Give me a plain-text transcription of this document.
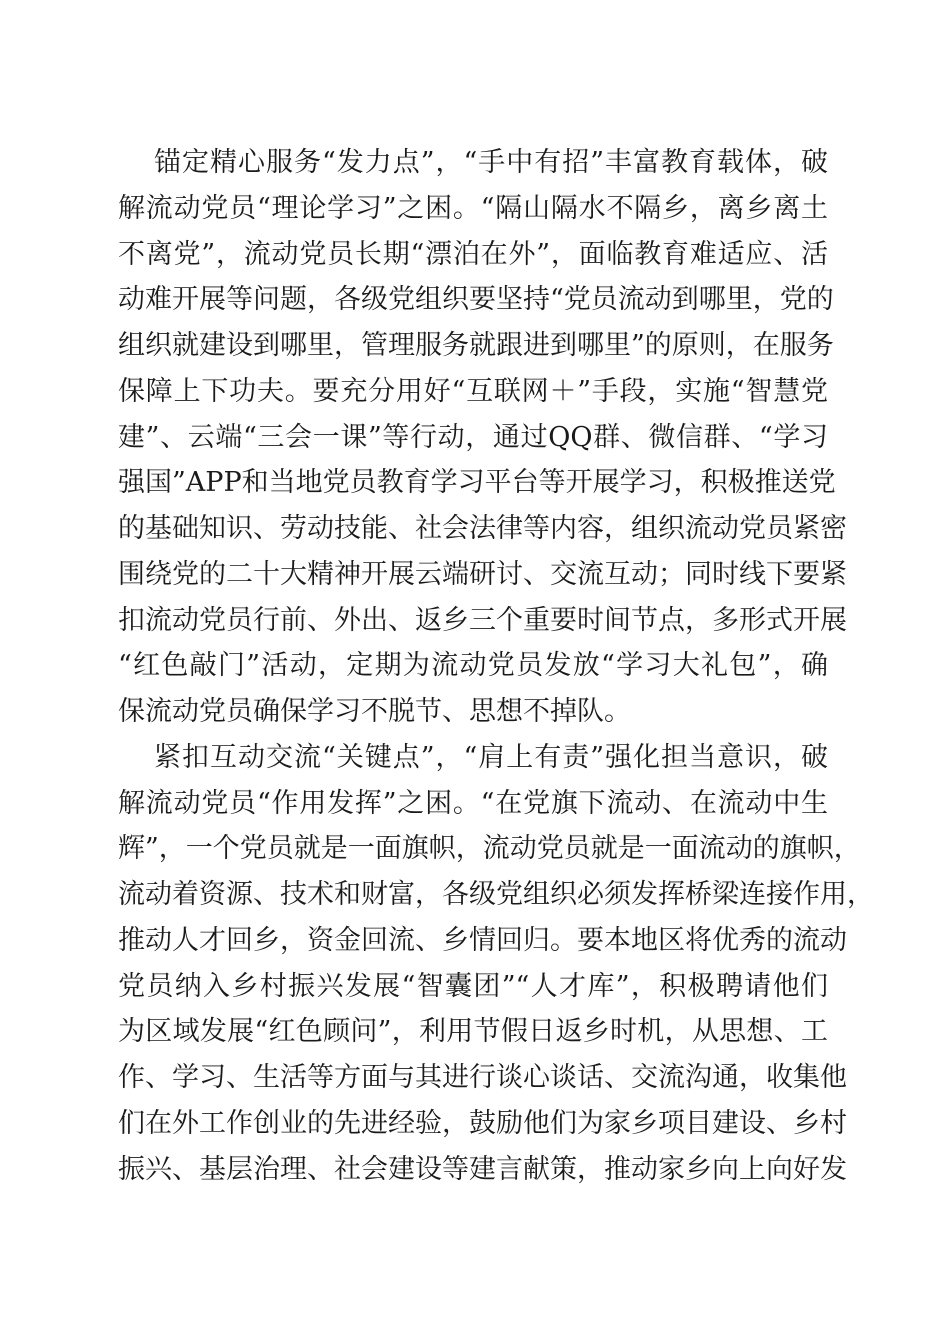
锚定精心服务“发力点”，“手中有招”丰富教育载体，破
解流动党员“理论学习”之困。“隔山隔水不隔乡，离乡离土
不离党”，流动党员长期“漂泊在外”，面临教育难适应、活
动难开展等问题，各级党组织要坚持“党员流动到哪里，党的
组织就建设到哪里，管理服务就跟进到哪里”的原则，在服务
保障上下功夫。要充分用好“互联网＋”手段，实施“智慧党
建”、云端“三会一课”等行动，通过QQ群、微信群、“学习
强国”APP和当地党员教育学习平台等开展学习，积极推送党
的基础知识、劳动技能、社会法律等内容，组织流动党员紧密
围绕党的二十大精神开展云端研讨、交流互动；同时线下要紧
扣流动党员行前、外出、返乡三个重要时间节点，多形式开展
“红色敲门”活动，定期为流动党员发放“学习大礼包”，确
保流动党员确保学习不脱节、思想不掉队。
紧扣互动交流“关键点”，“肩上有责”强化担当意识，破
解流动党员“作用发挥”之困。“在党旗下流动、在流动中生
辉”，一个党员就是一面旗帜，流动党员就是一面流动的旗帜，
流动着资源、技术和财富，各级党组织必须发挥桥梁连接作用，
推动人才回乡，资金回流、乡情回归。要本地区将优秀的流动
党员纳入乡村振兴发展“智囊团”“人才库”，积极聘请他们
为区域发展“红色顾问”，利用节假日返乡时机，从思想、工
作、学习、生活等方面与其进行谈心谈话、交流沟通，收集他
们在外工作创业的先进经验，鼓励他们为家乡项目建设、乡村
振兴、基层治理、社会建设等建言献策，推动家乡向上向好发
